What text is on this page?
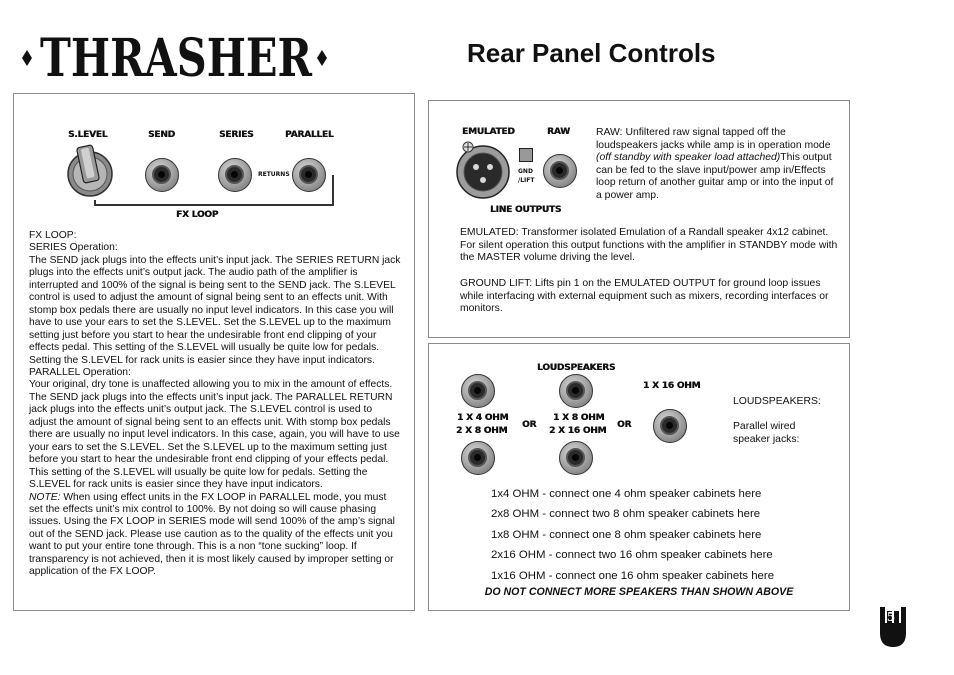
THRASHER	Rear Panel Controls
S.LEVEL	SEND	SERIES	PARALLEL
RETURNS
FX LOOP

FX LOOP:

SERIES Operation:

The SEND jack plugs into the effects unit’s input jack. The SERIES RETURN jack plugs into the effects unit’s output jack. The audio path of the amplifier is interrupted and 100% of the signal is being sent to the SEND jack. The S.LEVEL control is used to adjust the amount of signal being sent to an effects unit. With stomp box pedals there are usually no input level indicators. In this case you will have to use your ears to set the S.LEVEL. Set the S.LEVEL up to the maximum setting just before you start to hear the undesirable front end clipping of your effects pedal. This setting of the S.LEVEL will usually be quite low for pedals. Setting the S.LEVEL for rack units is easier since they have input indicators.

PARALLEL Operation:

Your original, dry tone is unaffected allowing you to mix in the amount of effects. The SEND jack plugs into the effects unit’s input jack. The PARALLEL RETURN jack plugs into the effects unit’s output jack. The S.LEVEL control is used to adjust the amount of signal being sent to an effects unit. With stomp box pedals there are usually no input level indicators. In this case, again, you will have to use your ears to set the S.LEVEL. Set the S.LEVEL up to the maximum setting just before you start to hear the undesirable front end clipping of your effects pedal. This setting of the S.LEVEL will usually be quite low for pedals. Setting the S.LEVEL for rack units is easier since they have input indicators.

NOTE: When using effect units in the FX LOOP in PARALLEL mode, you must set the effects unit’s mix control to 100%. By not doing so will cause phasing issues. Using the FX LOOP in SERIES mode will send 100% of the amp’s signal out of the SEND jack. Please use caution as to the quality of the effects unit you want to put your entire tone through. This is a non “tone sucking” loop. If transparency is not achieved, then it is most likely caused by improper setting or application of the FX LOOP.

EMULATED	RAW
GND
/LIFT
LINE OUTPUTS

RAW: Unfiltered raw signal tapped off the loudspeakers jacks while amp is in operation mode (off standby with speaker load attached)This output can be fed to the slave input/power amp in/Effects loop return of another guitar amp or into the input of a power amp.

EMULATED: Transformer isolated Emulation of a Randall speaker 4x12 cabinet. For silent operation this output functions with the amplifier in STANDBY mode with the MASTER volume driving the level.

GROUND LIFT: Lifts pin 1 on the EMULATED OUTPUT for ground loop issues while interfacing with external equipment such as mixers, recording interfaces or monitors.

LOUDSPEAKERS
1 X 4 OHM
2 X 8 OHM
OR
1 X 8 OHM
2 X 16 OHM
OR
1 X 16 OHM

LOUDSPEAKERS:

Parallel wired speaker jacks:

1x4 OHM - connect one 4 ohm speaker cabinets here
2x8 OHM - connect two 8 ohm speaker cabinets here
1x8 OHM - connect one 8 ohm speaker cabinets here
2x16 OHM - connect two 16 ohm speaker cabinets here
1x16 OHM - connect one 16 ohm speaker cabinets here
DO NOT CONNECT MORE SPEAKERS THAN SHOWN ABOVE
5
